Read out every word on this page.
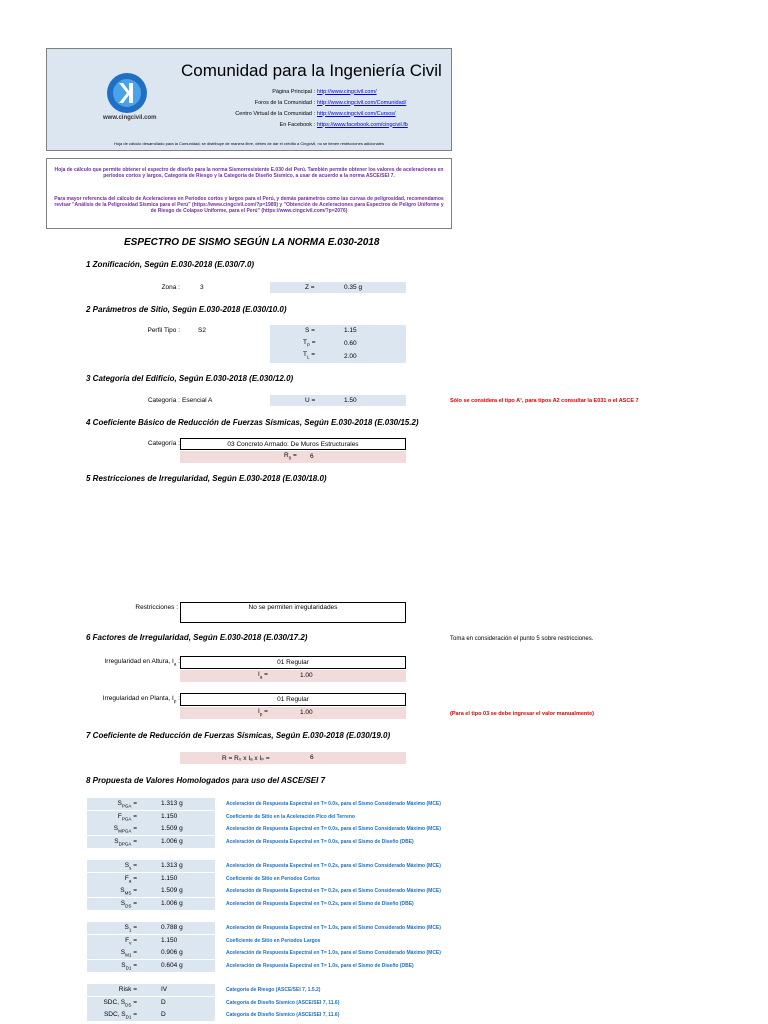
www.cingcivil.com
Comunidad para la Ingeniería Civil
Página Principal : http://www.cingcivil.com/
Foros de la Comunidad : http://www.cingcivil.com/Comunidad/
Centro Virtual de la Comunidad : http://www.cingcivil.com/Cursos/
En Facebook : https://www.facebook.com/cingcivil.fb
Hoja de cálculo desarrollado para la Comunidad, se distribuye de manera libre, debes de dar el crédito a Cingcivil, no se tienen restricciones adicionales
Hoja de cálculo que permite obtener el espectro de diseño para la norma Sismorresistente E.030 del Perú. También permite obtener los valores de aceleraciones en periodos cortos y largos, Categoría de Riesgo y la Categoría de Diseño Sísmico, a usar de acuerdo a la norma ASCE/SEI 7.
Para mayor referencia del cálculo de Aceleraciones en Periodos cortos y largos para el Perú, y demás parámetros como las curvas de peligrosidad, recomendamos revisar "Análisis de la Peligrosidad Sísmica para el Perú" (https://www.cingcivil.com/?p=1989) y "Obtención de Aceleraciones para Espectros de Peligro Uniforme y de Riesgo de Colapso Uniforme, para el Perú" (https://www.cingcivil.com/?p=2076)
ESPECTRO DE SISMO SEGÚN LA NORMA E.030-2018
1 Zonificación, Según E.030-2018 (E.030/7.0)
Zona :	3	Z =	0.35 g
2 Parámetros de Sitio, Según E.030-2018 (E.030/10.0)
Perfil Tipo :	S2	S =	1.15
$T_P$ =	0.60
$T_L$ =	2.00
3 Categoría del Edificio, Según E.030-2018 (E.030/12.0)
Categoría : Esencial A	U =	1.50	Sólo se considera el tipo A¹, para tipos A2 consultar la E031 o el ASCE 7
4 Coeficiente Básico de Reducción de Fuerzas Sísmicas, Según E.030-2018 (E.030/15.2)
Categoría :	03 Concreto Armado: De Muros Estructurales
$R_0 = 6$
5 Restricciones de Irregularidad, Según E.030-2018 (E.030/18.0)
Restricciones :	No se permiten irregularidades
6 Factores de Irregularidad, Según E.030-2018 (E.030/17.2)	Toma en consideración el punto 5 sobre restricciones.
Irregularidad en Altura, $I_a$ :	01 Regular
$I_a$ =	1.00
Irregularidad en Planta, $I_p$ :	01 Regular
$I_p$ =	1.00	(Para el tipo 03 se debe ingresar el valor manualmente)
7 Coeficiente de Reducción de Fuerzas Sísmicas, Según E.030-2018 (E.030/19.0)
R = R₀ x Iₐ x Iₚ =	6
8 Propuesta de Valores Homologados para uso del ASCE/SEI 7
$S_{PGA}$ =	1.313 g	Aceleración de Respuesta Espectral en T= 0.0s, para el Sismo Considerado Máximo (MCE)
$F_{PGA}$ =	1.150	Coeficiente de Sitio en la Aceleración Pico del Terreno
$S_{MPGA}$ =	1.509 g	Aceleración de Respuesta Espectral en T= 0.0s, para el Sismo Considerado Máximo (MCE)
$S_{DPGA}$ =	1.006 g	Aceleración de Respuesta Espectral en T= 0.0s, para el Sismo de Diseño (DBE)
$S_s$ =	1.313 g	Aceleración de Respuesta Espectral en T= 0.2s, para el Sismo Considerado Máximo (MCE)
$F_a$ =	1.150	Coeficiente de Sitio en Periodos Cortos
$S_{MS}$ =	1.509 g	Aceleración de Respuesta Espectral en T= 0.2s, para el Sismo Considerado Máximo (MCE)
$S_{DS}$ =	1.006 g	Aceleración de Respuesta Espectral en T= 0.2s, para el Sismo de Diseño (DBE)
$S_1$ =	0.788 g	Aceleración de Respuesta Espectral en T= 1.0s, para el Sismo Considerado Máximo (MCE)
$F_v$ =	1.150	Coeficiente de Sitio en Periodos Largos
$S_{M1}$ =	0.906 g	Aceleración de Respuesta Espectral en T= 1.0s, para el Sismo Considerado Máximo (MCE)
$S_{D1}$ =	0.604 g	Aceleración de Respuesta Espectral en T= 1.0s, para el Sismo de Diseño (DBE)
Risk =	IV	Categoría de Riesgo (ASCE/SEI 7, 1.5.2)
SDC, $S_{DS}$ =	D	Categoría de Diseño Sísmico (ASCE/SEI 7, 11.6)
SDC, $S_{D1}$ =	D	Categoría de Diseño Sísmico (ASCE/SEI 7, 11.6)
